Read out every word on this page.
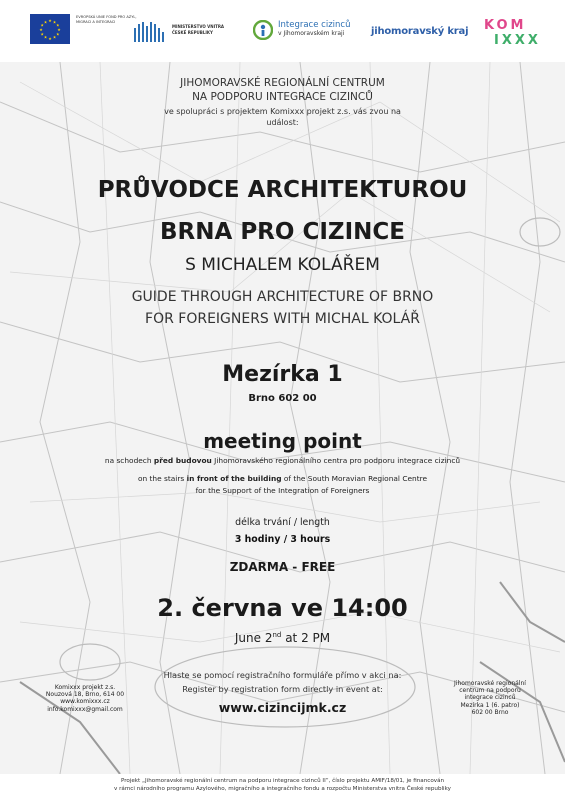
★ ★
★
★
★
★
★
★
★
★
★
★
EVROPSKÁ UNIE FOND PRO AZYL, MIGRACI A INTEGRACI
MINISTERSTVO VNITRA
ČESKÉ REPUBLIKY
Integrace cizinců
v Jihomoravském kraji	jihomoravský kraj KOM
IXXX
JIHOMORAVSKÉ REGIONÁLNÍ CENTRUM
NA PODPORU INTEGRACE CIZINCŮ
ve spolupráci s projektem Komixxx projekt z.s. vás zvou na
událost:
PRŮVODCE ARCHITEKTUROU
BRNA PRO CIZINCE
S MICHALEM KOLÁŘEM
GUIDE THROUGH ARCHITECTURE OF BRNO
FOR FOREIGNERS WITH MICHAL KOLÁŘ
Mezírka 1
Brno 602 00
meeting point
na schodech před budovou Jihomoravského regionálního centra pro podporu integrace cizinců
on the stairs in front of the building of the South Moravian Regional Centre
for the Support of the Integration of Foreigners
délka trvání / length
3 hodiny / 3 hours
ZDARMA - FREE
2. června ve 14:00
June 2nd at 2 PM
Hlaste se pomocí registračního formuláře přímo v akci na:
Register by registration form directly in event at:
www.cizincijmk.cz
Komixxx projekt z.s.
Nouzová 18, Brno, 614 00
www.komixxx.cz
info.komixxx@gmail.com
Jihomoravské regionální
centrum na podporu
integrace cizinců
Mezírka 1 (6. patro)
602 00 Brno
Projekt „Jihomoravské regionální centrum na podporu integrace cizinců II“, číslo projektu AMIF/18/01, je financován
v rámci národního programu Azylového, migračního a integračního fondu a rozpočtu Ministerstva vnitra České republiky
